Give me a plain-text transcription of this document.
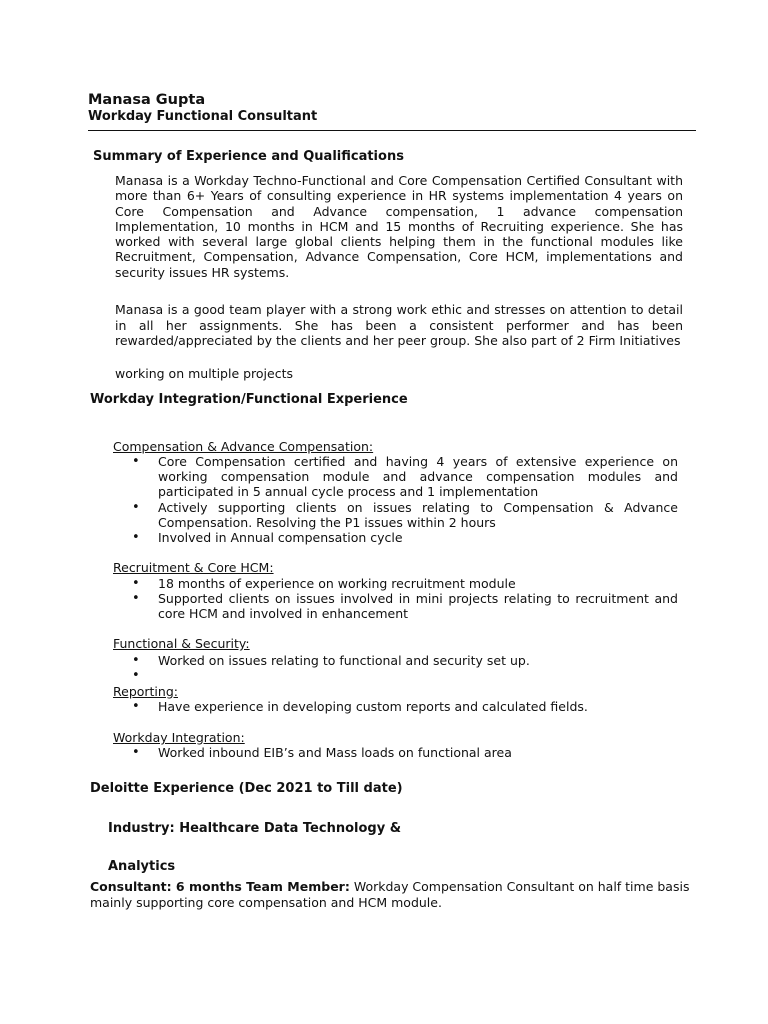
Manasa Gupta
Workday Functional Consultant
Summary of Experience and Qualifications
Manasa is a Workday Techno-Functional and Core Compensation Certified Consultant with more than 6+ Years of consulting experience in HR systems implementation 4 years on Core Compensation and Advance compensation, 1 advance compensation Implementation, 10 months in HCM and 15 months of Recruiting experience. She has worked with several large global clients helping them in the functional modules like Recruitment, Compensation, Advance Compensation, Core HCM, implementations and security issues HR systems.
Manasa is a good team player with a strong work ethic and stresses on attention to detail in all her assignments. She has been a consistent performer and has been rewarded/appreciated by the clients and her peer group. She also part of 2 Firm Initiatives
working on multiple projects
Workday Integration/Functional Experience
Compensation & Advance Compensation:
• Core Compensation certified and having 4 years of extensive experience on working compensation module and advance compensation modules and participated in 5 annual cycle process and 1 implementation
• Actively supporting clients on issues relating to Compensation & Advance Compensation. Resolving the P1 issues within 2 hours
• Involved in Annual compensation cycle
Recruitment & Core HCM:
• 18 months of experience on working recruitment module
• Supported clients on issues involved in mini projects relating to recruitment and core HCM and involved in enhancement
Functional & Security:
• Worked on issues relating to functional and security set up.
•
Reporting:
• Have experience in developing custom reports and calculated fields.
Workday Integration:
• Worked inbound EIB’s and Mass loads on functional area
Deloitte Experience (Dec 2021 to Till date)
Industry: Healthcare Data Technology &
Analytics
Consultant: 6 months Team Member: Workday Compensation Consultant on half time basis mainly supporting core compensation and HCM module.
